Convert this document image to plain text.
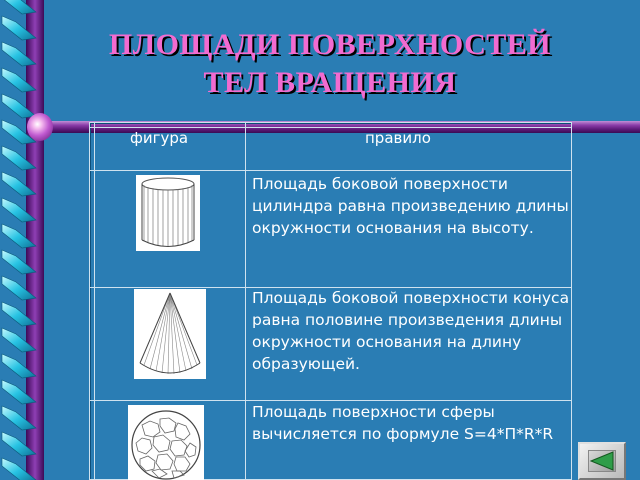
ПЛОЩАДИ ПОВЕРХНОСТЕЙ
ТЕЛ ВРАЩЕНИЯ
фигура	правило
Площадь боковой поверхности цилиндра равна произведению длины окружности основания на высоту.
Площадь боковой поверхности конуса равна половине произведения длины окружности основания на длину образующей.
Площадь поверхности сферы вычисляется по формуле S=4*П*R*R
